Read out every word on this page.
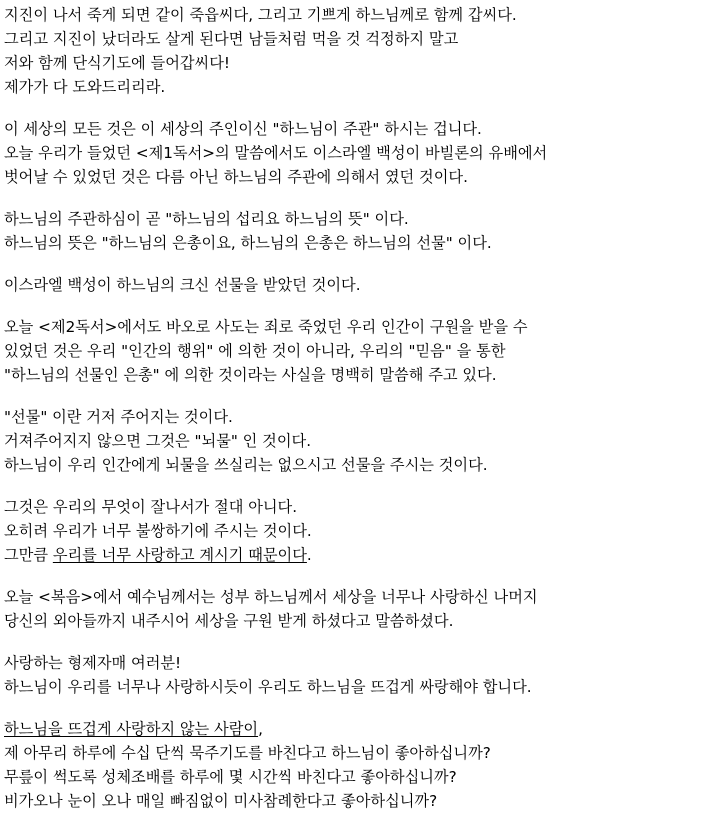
지진이 나서 죽게 되면 같이 죽읍씨다, 그리고 기쁘게 하느님께로 함께 갑씨다.
그리고 지진이 났더라도 살게 된다면 남들처럼 먹을 것 걱정하지 말고
저와 함께 단식기도에 들어갑씨다!
제가가 다 도와드리리라.
이 세상의 모든 것은 이 세상의 주인이신 "하느님이 주관" 하시는 겁니다.
오늘 우리가 들었던 <제1독서>의 말씀에서도 이스라엘 백성이 바빌론의 유배에서
벗어날 수 있었던 것은 다름 아닌 하느님의 주관에 의해서 였던 것이다.
하느님의 주관하심이 곧 "하느님의 섭리요 하느님의 뜻" 이다.
하느님의 뜻은 "하느님의 은총이요, 하느님의 은총은 하느님의 선물" 이다.
이스라엘 백성이 하느님의 크신 선물을 받았던 것이다.
오늘 <제2독서>에서도 바오로 사도는 죄로 죽었던 우리 인간이 구원을 받을 수
있었던 것은 우리 "인간의 행위" 에 의한 것이 아니라, 우리의 "믿음" 을 통한
"하느님의 선물인 은총" 에 의한 것이라는 사실을 명백히 말씀해 주고 있다.
"선물" 이란 거저 주어지는 것이다.
거져주어지지 않으면 그것은 "뇌물" 인 것이다.
하느님이 우리 인간에게 뇌물을 쓰실리는 없으시고 선물을 주시는 것이다.
그것은 우리의 무엇이 잘나서가 절대 아니다.
오히려 우리가 너무 불쌍하기에 주시는 것이다.
그만큼 우리를 너무 사랑하고 계시기 때문이다.
오늘 <복음>에서 예수님께서는 성부 하느님께서 세상을 너무나 사랑하신 나머지
당신의 외아들까지 내주시어 세상을 구원 받게 하셨다고 말씀하셨다.
사랑하는 형제자매 여러분!
하느님이 우리를 너무나 사랑하시듯이 우리도 하느님을 뜨겁게 싸랑해야 합니다.
하느님을 뜨겁게 사랑하지 않는 사람이,
제 아무리 하루에 수십 단씩 묵주기도를 바친다고 하느님이 좋아하십니까?
무릎이 썩도록 성체조배를 하루에 몇 시간씩 바친다고 좋아하십니까?
비가오나 눈이 오나 매일 빠짐없이 미사참례한다고 좋아하십니까?
